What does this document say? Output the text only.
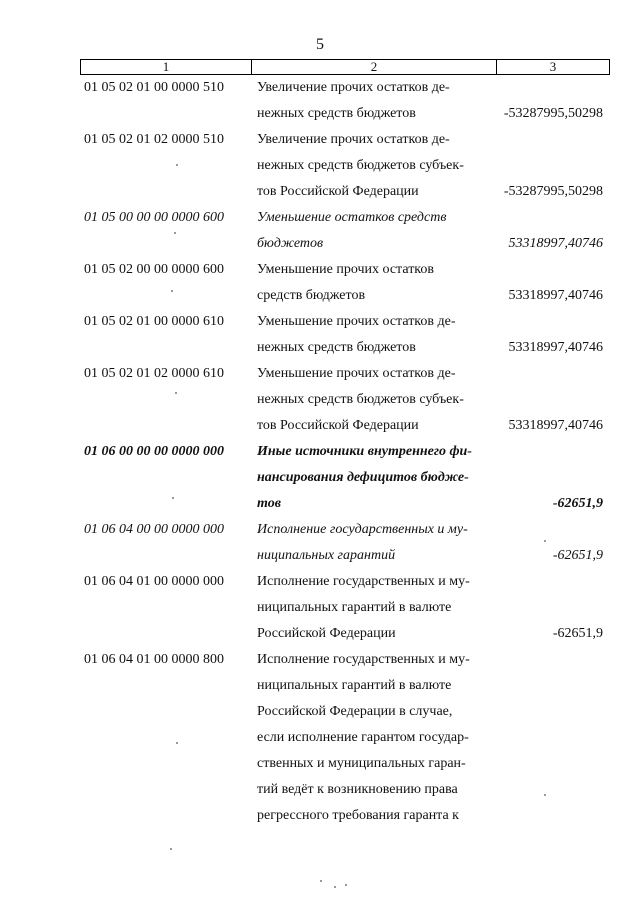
5
1	2	3
01 05 02 01 00 0000 510 Увеличение прочих остатков де-
нежных средств бюджетов	-53287995,50298
01 05 02 01 02 0000 510 Увеличение прочих остатков де-
нежных средств бюджетов субъек-
тов Российской Федерации	-53287995,50298
01 05 00 00 00 0000 600 Уменьшение остатков средств
бюджетов	53318997,40746
01 05 02 00 00 0000 600 Уменьшение прочих остатков
средств бюджетов	53318997,40746
01 05 02 01 00 0000 610 Уменьшение прочих остатков де-
нежных средств бюджетов	53318997,40746
01 05 02 01 02 0000 610 Уменьшение прочих остатков де-
нежных средств бюджетов субъек-
тов Российской Федерации	53318997,40746
01 06 00 00 00 0000 000 Иные источники внутреннего фи-
нансирования дефицитов бюдже-
тов	-62651,9
01 06 04 00 00 0000 000 Исполнение государственных и му-
ниципальных гарантий	-62651,9
01 06 04 01 00 0000 000 Исполнение государственных и му-
ниципальных гарантий в валюте
Российской Федерации	-62651,9
01 06 04 01 00 0000 800 Исполнение государственных и му-
ниципальных гарантий в валюте
Российской Федерации в случае,
если исполнение гарантом государ-
ственных и муниципальных гаран-
тий ведёт к возникновению права
регрессного требования гаранта к
